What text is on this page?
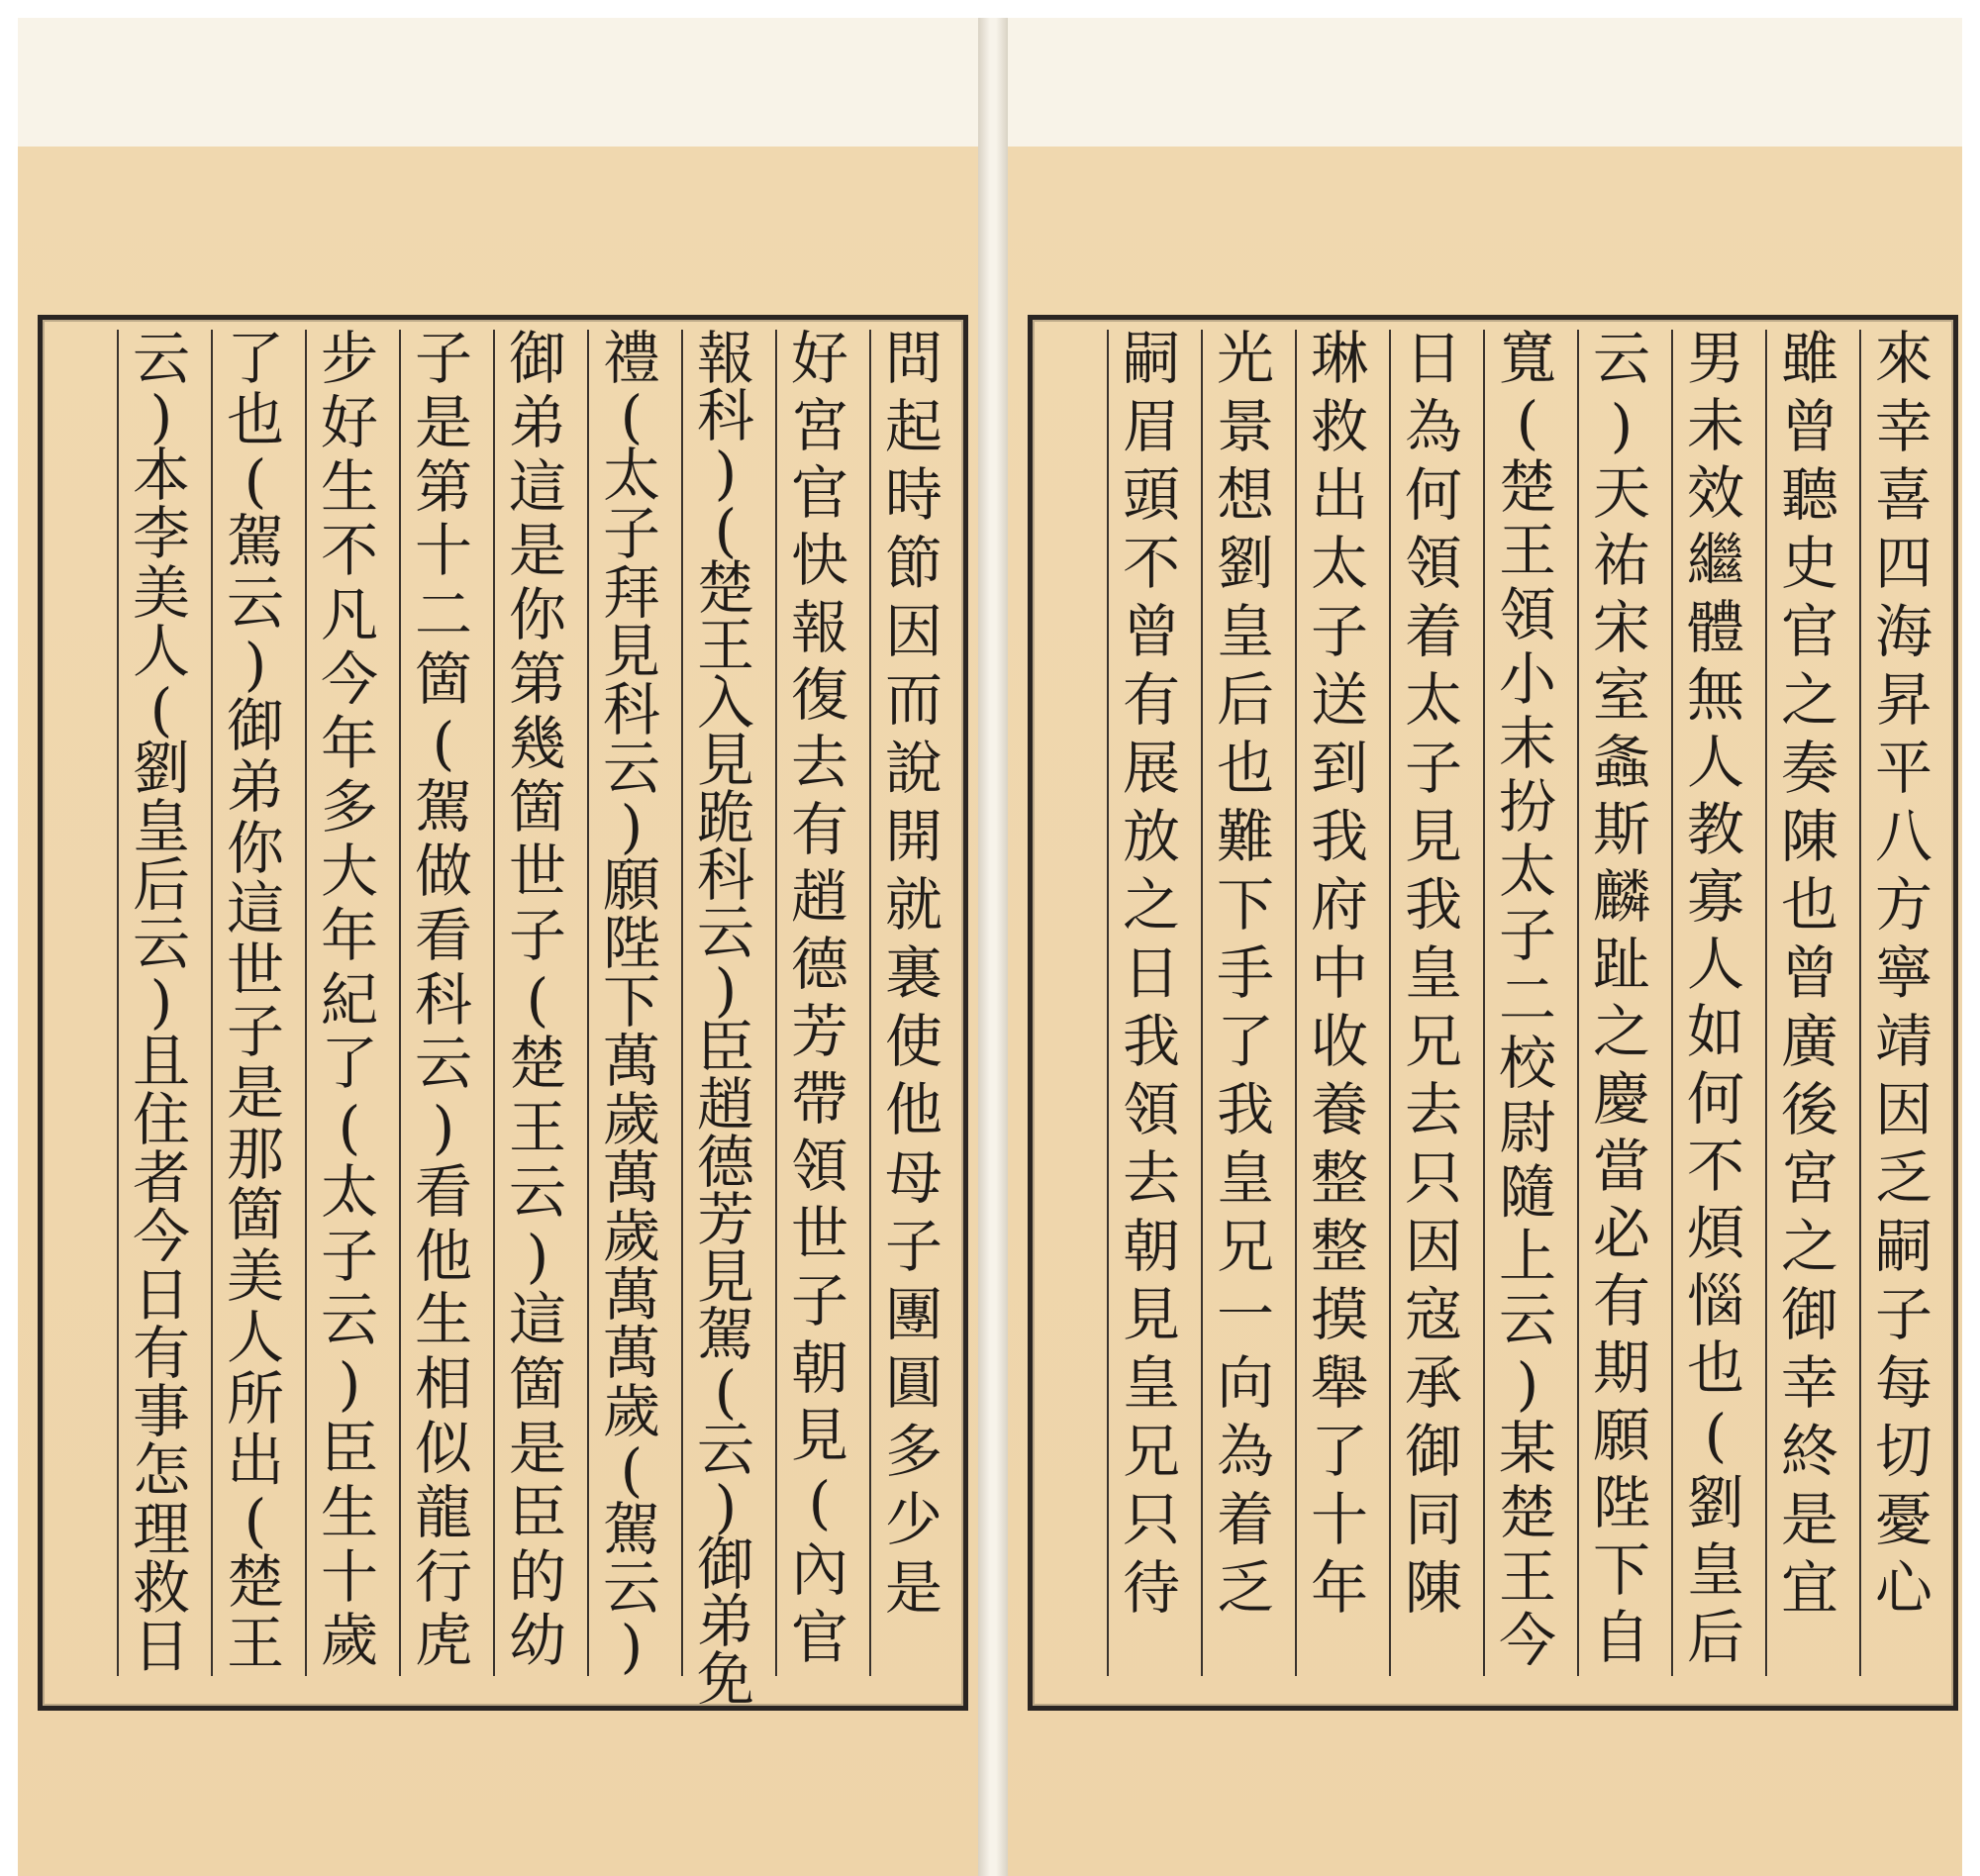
問
起
時
節
因
而
說
開
就
裏
使
他
母
子
團
圓
多
少
是
好
宮
官
快
報
復
去
有
趙
德
芳
帶
領
世
子
朝
見
(
內
官
報
科
)
(
楚
王
入
見
跪
科
云
)
臣
趙
德
芳
見
駕
(
云
)
御
弟
免
禮
(
太
子
拜
見
科
云
)
願
陛
下
萬
歲
萬
歲
萬
萬
歲
(
駕
云
)
御
弟
這
是
你
第
幾
箇
世
子
(
楚
王
云
)
這
箇
是
臣
的
幼
子
是
第
十
二
箇
(
駕
做
看
科
云
)
看
他
生
相
似
龍
行
虎
步
好
生
不
凡
今
年
多
大
年
紀
了
(
太
子
云
)
臣
生
十
歲
了
也
(
駕
云
)
御
弟
你
這
世
子
是
那
箇
美
人
所
出
(
楚
王
云
)
本
李
美
人
(
劉
皇
后
云
)
且
住
者
今
日
有
事
怎
理
救
日
來
幸
喜
四
海
昇
平
八
方
寧
靖
因
乏
嗣
子
每
切
憂
心
雖
曾
聽
史
官
之
奏
陳
也
曾
廣
後
宮
之
御
幸
終
是
宜
男
未
效
繼
體
無
人
教
寡
人
如
何
不
煩
惱
也
(
劉
皇
后
云
)
天
祐
宋
室
螽
斯
麟
趾
之
慶
當
必
有
期
願
陛
下
自
寬
(
楚
王
領
小
末
扮
太
子
二
校
尉
隨
上
云
)
某
楚
王
今
日
為
何
領
着
太
子
見
我
皇
兄
去
只
因
寇
承
御
同
陳
琳
救
出
太
子
送
到
我
府
中
收
養
整
整
摸
舉
了
十
年
光
景
想
劉
皇
后
也
難
下
手
了
我
皇
兄
一
向
為
着
乏
嗣
眉
頭
不
曾
有
展
放
之
日
我
領
去
朝
見
皇
兄
只
待
